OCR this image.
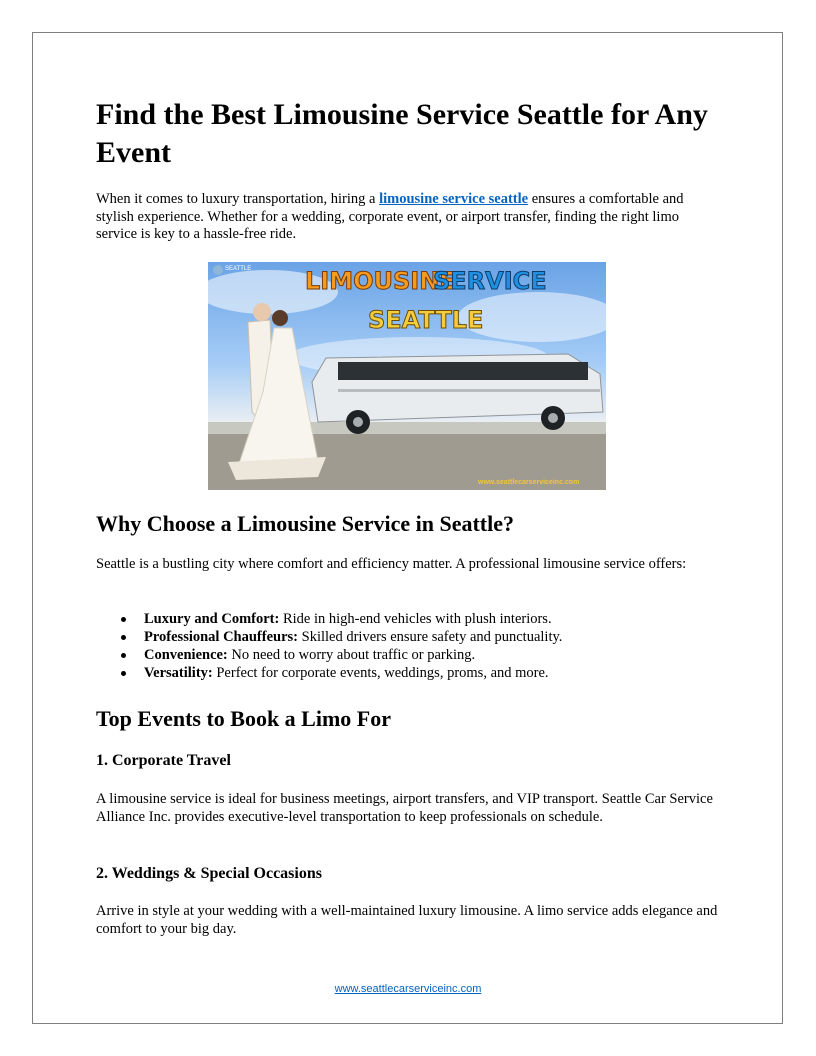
Find the Best Limousine Service Seattle for Any Event

When it comes to luxury transportation, hiring a limousine service seattle ensures a comfortable and stylish experience. Whether for a wedding, corporate event, or airport transfer, finding the right limo service is key to a hassle-free ride.

SEATTLE LIMOUSINE
SERVICE
SEATTLE
www.seattlecarserviceinc.com
Why Choose a Limousine Service in Seattle?

Seattle is a bustling city where comfort and efficiency matter. A professional limousine service offers:

Luxury and Comfort: Ride in high-end vehicles with plush interiors.
Professional Chauffeurs: Skilled drivers ensure safety and punctuality.
Convenience: No need to worry about traffic or parking.
Versatility: Perfect for corporate events, weddings, proms, and more.
Top Events to Book a Limo For
1. Corporate Travel

A limousine service is ideal for business meetings, airport transfers, and VIP transport. Seattle Car Service Alliance Inc. provides executive-level transportation to keep professionals on schedule.

2. Weddings & Special Occasions

Arrive in style at your wedding with a well-maintained luxury limousine. A limo service adds elegance and comfort to your big day.

www.seattlecarserviceinc.com
